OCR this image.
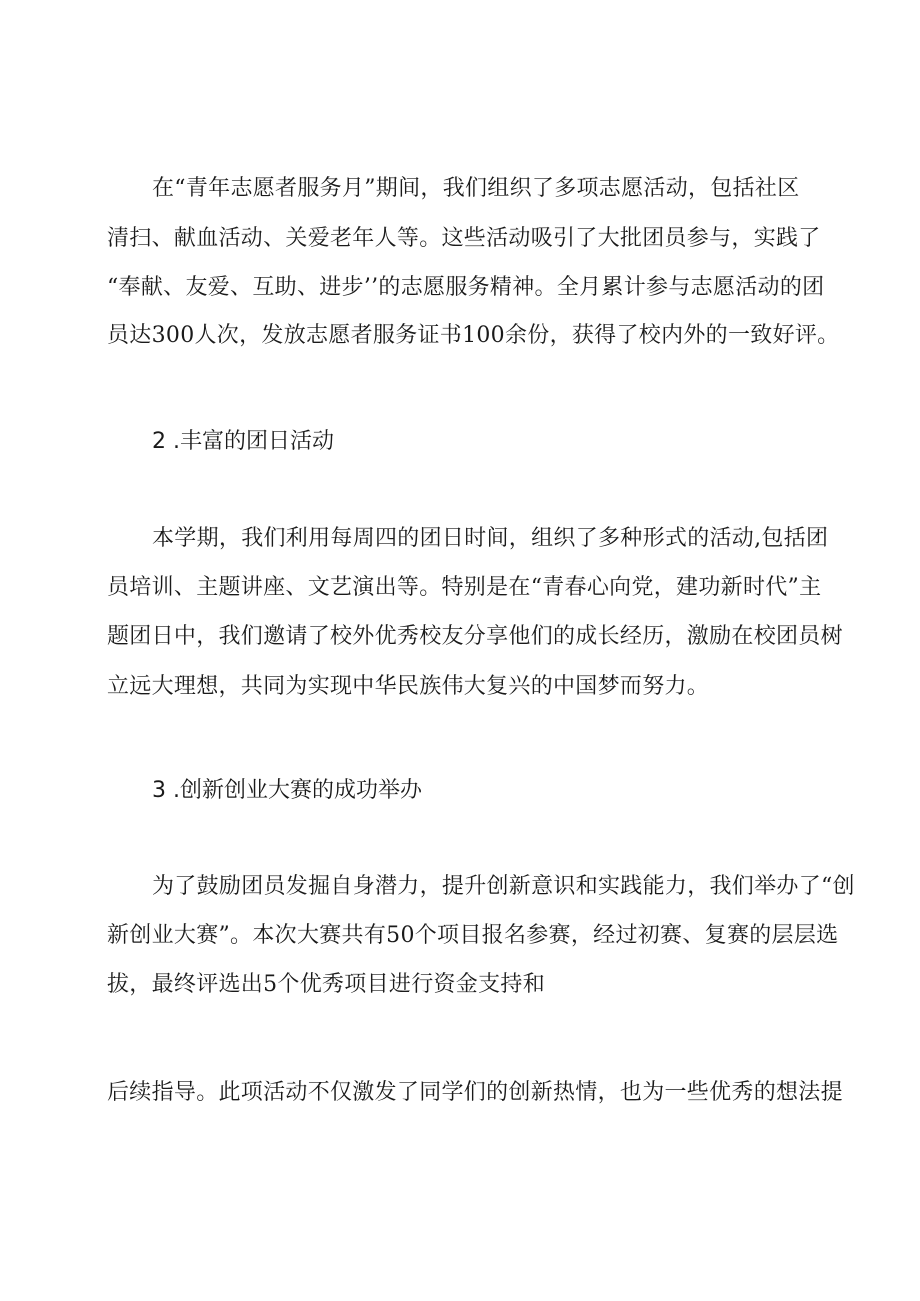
在“青年志愿者服务月”期间，我们组织了多项志愿活动，包括社区
清扫、献血活动、关爱老年人等。这些活动吸引了大批团员参与，实践了
“奉献、友爱、互助、进步’’的志愿服务精神。全月累计参与志愿活动的团
员达300人次，发放志愿者服务证书100余份，获得了校内外的一致好评。
2 .丰富的团日活动
本学期，我们利用每周四的团日时间，组织了多种形式的活动,包括团
员培训、主题讲座、文艺演出等。特别是在“青春心向党，建功新时代”主
题团日中，我们邀请了校外优秀校友分享他们的成长经历，激励在校团员树
立远大理想，共同为实现中华民族伟大复兴的中国梦而努力。
3 .创新创业大赛的成功举办
为了鼓励团员发掘自身潜力，提升创新意识和实践能力，我们举办了“创
新创业大赛”。本次大赛共有50个项目报名参赛，经过初赛、复赛的层层选
拔，最终评选出5个优秀项目进行资金支持和
后续指导。此项活动不仅激发了同学们的创新热情，也为一些优秀的想法提
